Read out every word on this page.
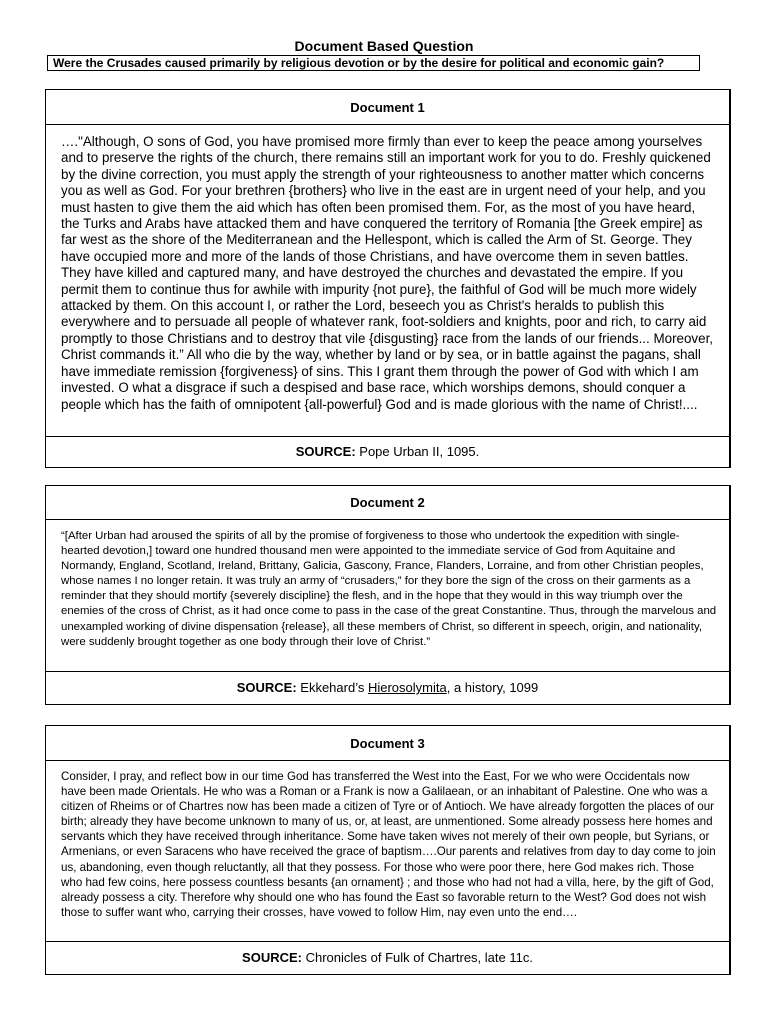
Document Based Question
Were the Crusades caused primarily by religious devotion or by the desire for political and economic gain?
Document 1
…."Although, O sons of God, you have promised more firmly than ever to keep the peace among yourselves and to preserve the rights of the church, there remains still an important work for you to do. Freshly quickened by the divine correction, you must apply the strength of your righteousness to another matter which concerns you as well as God. For your brethren {brothers} who live in the east are in urgent need of your help, and you must hasten to give them the aid which has often been promised them. For, as the most of you have heard, the Turks and Arabs have attacked them and have conquered the territory of Romania [the Greek empire] as far west as the shore of the Mediterranean and the Hellespont, which is called the Arm of St. George. They have occupied more and more of the lands of those Christians, and have overcome them in seven battles. They have killed and captured many, and have destroyed the churches and devastated the empire. If you permit them to continue thus for awhile with impurity {not pure}, the faithful of God will be much more widely attacked by them. On this account I, or rather the Lord, beseech you as Christ's heralds to publish this everywhere and to persuade all people of whatever rank, foot-soldiers and knights, poor and rich, to carry aid promptly to those Christians and to destroy that vile {disgusting} race from the lands of our friends... Moreover, Christ commands it.” All who die by the way, whether by land or by sea, or in battle against the pagans, shall have immediate remission {forgiveness} of sins. This I grant them through the power of God with which I am invested. O what a disgrace if such a despised and base race, which worships demons, should conquer a people which has the faith of omnipotent {all-powerful} God and is made glorious with the name of Christ!....
SOURCE: Pope Urban II, 1095.
Document 2
“[After Urban had aroused the spirits of all by the promise of forgiveness to those who undertook the expedition with single-hearted devotion,] toward one hundred thousand men were appointed to the immediate service of God from Aquitaine and Normandy, England, Scotland, Ireland, Brittany, Galicia, Gascony, France, Flanders, Lorraine, and from other Christian peoples, whose names I no longer retain. It was truly an army of “crusaders,” for they bore the sign of the cross on their garments as a reminder that they should mortify {severely discipline} the flesh, and in the hope that they would in this way triumph over the enemies of the cross of Christ, as it had once come to pass in the case of the great Constantine. Thus, through the marvelous and unexampled working of divine dispensation {release}, all these members of Christ, so different in speech, origin, and nationality, were suddenly brought together as one body through their love of Christ.”
SOURCE: Ekkehard’s Hierosolymita, a history, 1099
Document 3
Consider, I pray, and reflect bow in our time God has transferred the West into the East, For we who were Occidentals now have been made Orientals. He who was a Roman or a Frank is now a Galilaean, or an inhabitant of Palestine. One who was a citizen of Rheims or of Chartres now has been made a citizen of Tyre or of Antioch. We have already forgotten the places of our birth; already they have become unknown to many of us, or, at least, are unmentioned. Some already possess here homes and servants which they have received through inheritance. Some have taken wives not merely of their own people, but Syrians, or Armenians, or even Saracens who have received the grace of baptism….Our parents and relatives from day to day come to join us, abandoning, even though reluctantly, all that they possess. For those who were poor there, here God makes rich. Those who had few coins, here possess countless besants {an ornament} ; and those who had not had a villa, here, by the gift of God, already possess a city. Therefore why should one who has found the East so favorable return to the West? God does not wish those to suffer want who, carrying their crosses, have vowed to follow Him, nay even unto the end….
SOURCE: Chronicles of Fulk of Chartres, late 11c.
